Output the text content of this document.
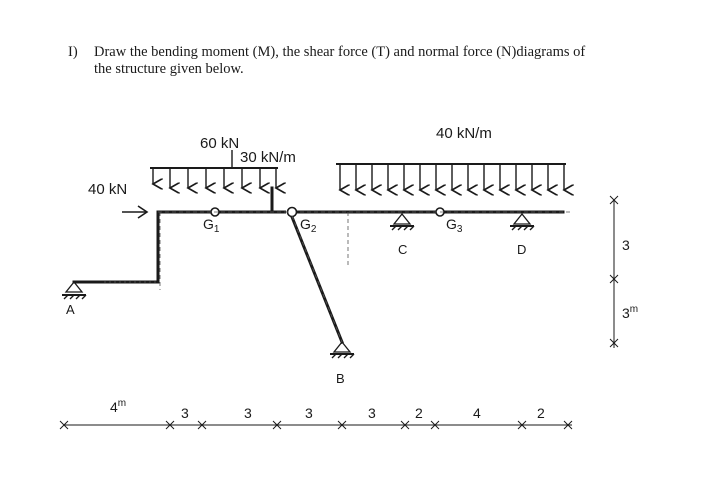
I) Draw the bending moment (M), the shear force (T) and normal force (N)diagrams of
the structure given below.
60 kN
30 kN/m
40 kN/m
40 kN
A
B
C	D
$G_1$	$G_2$	$G_3$
4$^m$
3	3	3	3	2	4	2
3
3$^m$
